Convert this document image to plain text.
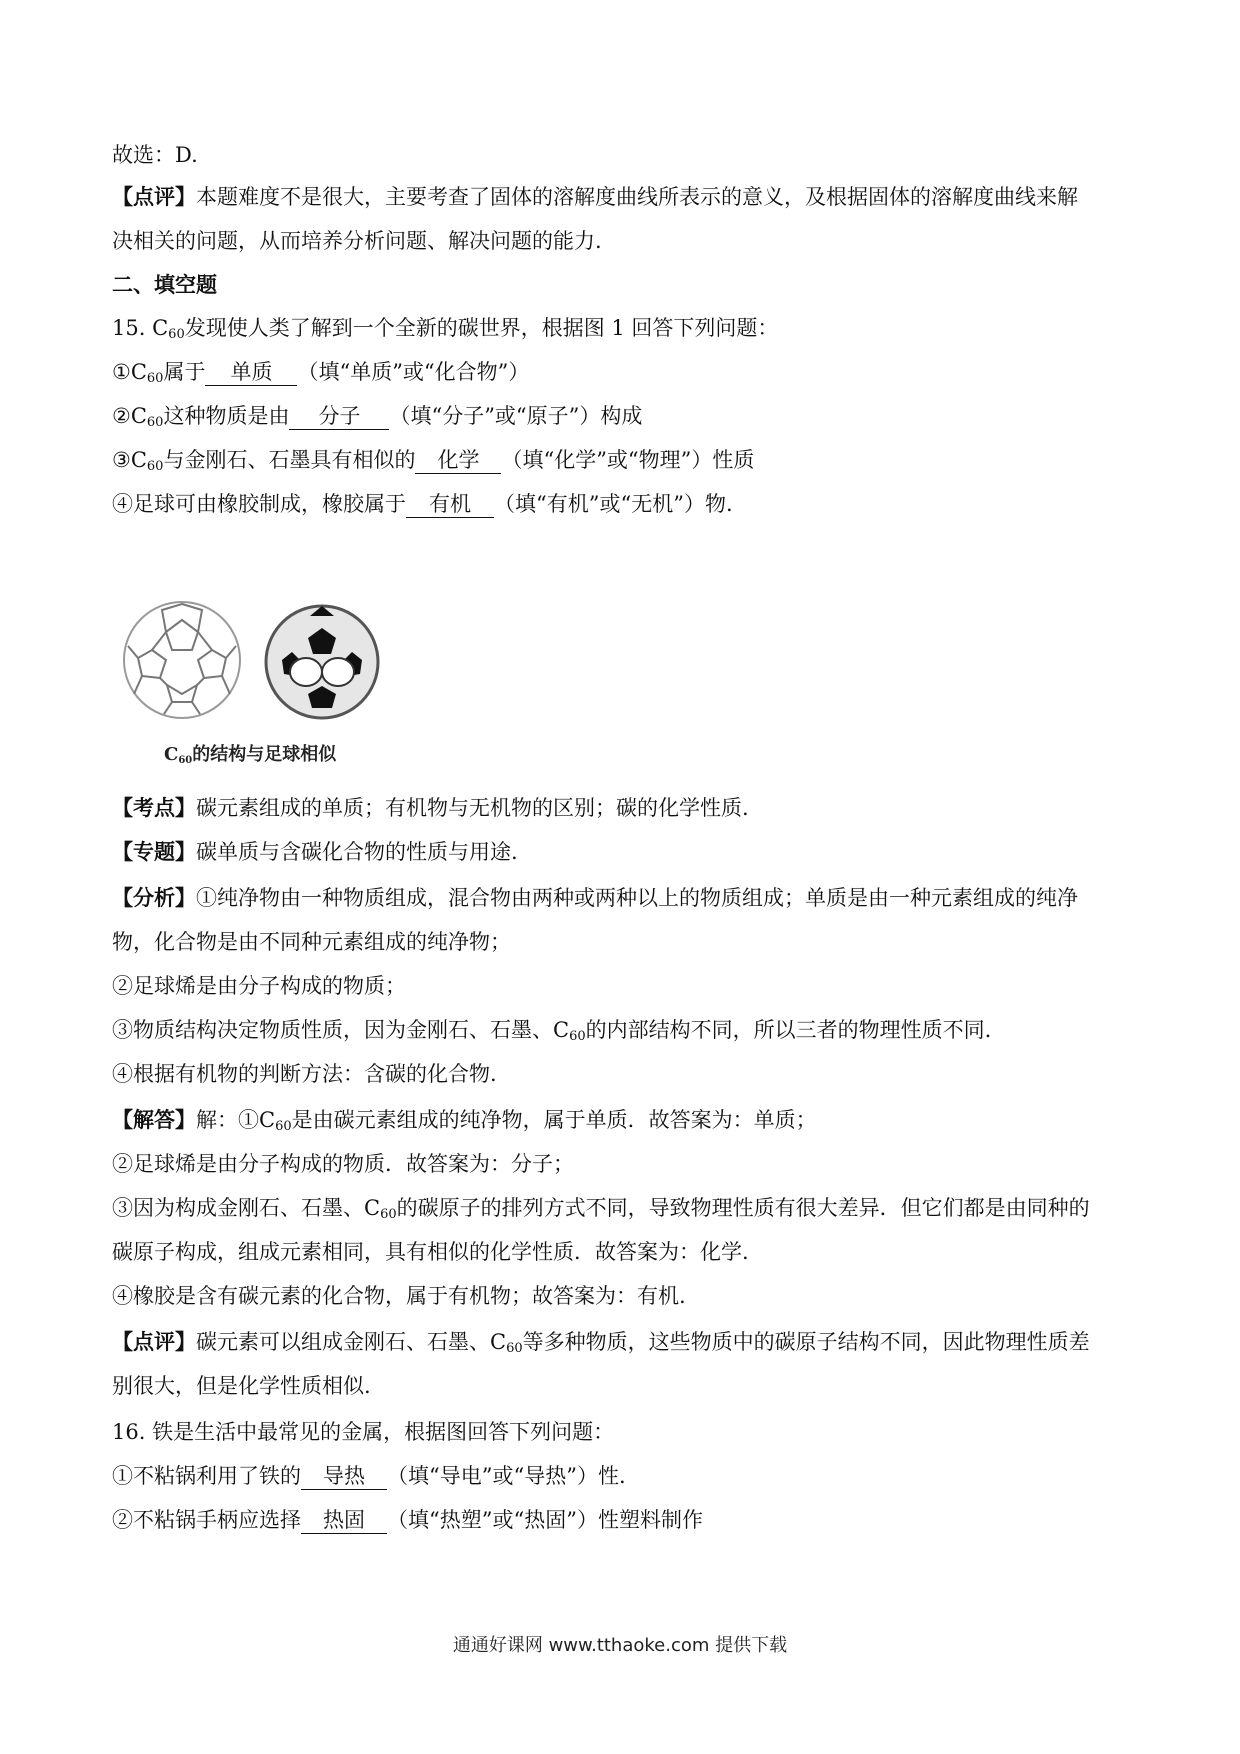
故选：D.
【点评】本题难度不是很大，主要考查了固体的溶解度曲线所表示的意义，及根据固体的溶解度曲线来解
决相关的问题，从而培养分析问题、解决问题的能力.
二、填空题
15. $C_{60}$发现使人类了解到一个全新的碳世界，根据图 1 回答下列问题：
$①C_{60}$属于 单质 （填“单质”或“化合物”）
$②C_{60}$这种物质是由 分子 （填“分子”或“原子”）构成
$③C_{60}$与金刚石、石墨具有相似的 化学 （填“化学”或“物理”）性质
④足球可由橡胶制成，橡胶属于 有机 （填“有机”或“无机”）物.
C60的结构与足球相似
【考点】碳元素组成的单质；有机物与无机物的区别；碳的化学性质.
【专题】碳单质与含碳化合物的性质与用途.
【分析】①纯净物由一种物质组成，混合物由两种或两种以上的物质组成；单质是由一种元素组成的纯净
物，化合物是由不同种元素组成的纯净物；
②足球烯是由分子构成的物质；
③物质结构决定物质性质，因为金刚石、石墨、$C_{60}$的内部结构不同，所以三者的物理性质不同.
④根据有机物的判断方法：含碳的化合物.
【解答】解：$①C_{60}$是由碳元素组成的纯净物，属于单质．故答案为：单质；
②足球烯是由分子构成的物质．故答案为：分子；
③因为构成金刚石、石墨、$C_{60}$的碳原子的排列方式不同，导致物理性质有很大差异．但它们都是由同种的
碳原子构成，组成元素相同，具有相似的化学性质．故答案为：化学.
④橡胶是含有碳元素的化合物，属于有机物；故答案为：有机.
【点评】碳元素可以组成金刚石、石墨、$C_{60}$等多种物质，这些物质中的碳原子结构不同，因此物理性质差
别很大，但是化学性质相似.
16. 铁是生活中最常见的金属，根据图回答下列问题：
①不粘锅利用了铁的 导热 （填“导电”或“导热”）性.
②不粘锅手柄应选择 热固 （填“热塑”或“热固”）性塑料制作
通通好课网 www.tthaoke.com 提供下载
